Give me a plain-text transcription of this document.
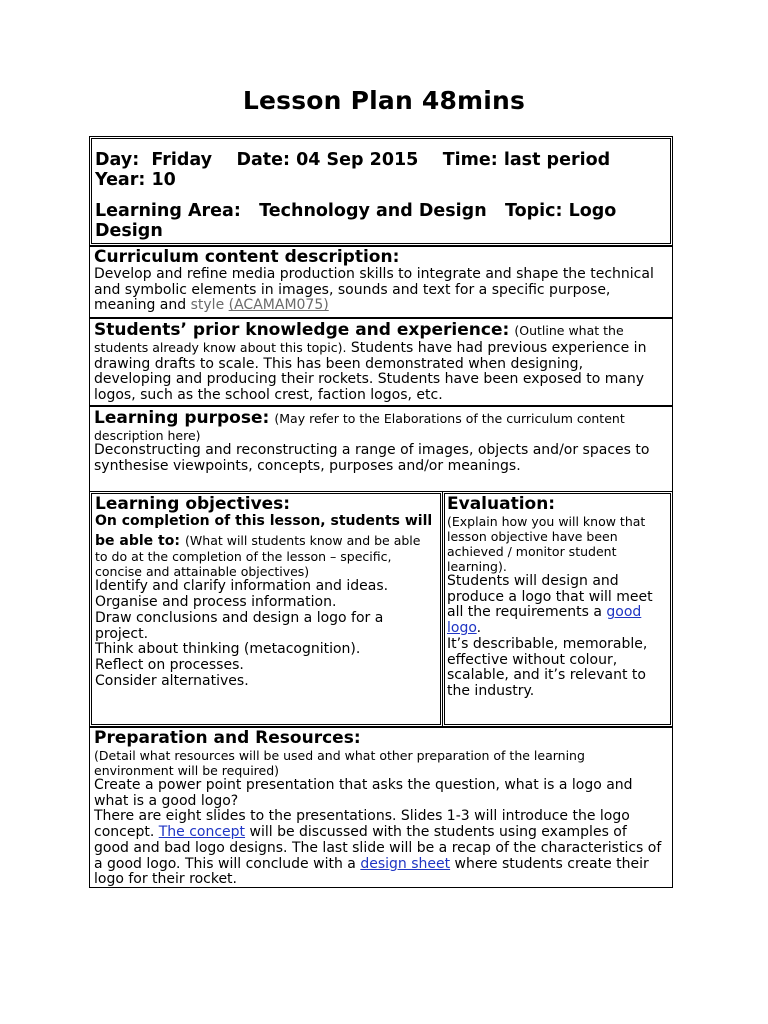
Lesson Plan 48mins
Day: Friday Date: 04 Sep 2015 Time: last period
Year: 10
Learning Area: Technology and Design Topic: Logo
Design
Curriculum content description:
Develop and refine media production skills to integrate and shape the technical
and symbolic elements in images, sounds and text for a specific purpose,
meaning and style (ACAMAM075)
Students’ prior knowledge and experience: (Outline what the
students already know about this topic). Students have had previous experience in
drawing drafts to scale. This has been demonstrated when designing,
developing and producing their rockets. Students have been exposed to many
logos, such as the school crest, faction logos, etc.
Learning purpose: (May refer to the Elaborations of the curriculum content
description here)
Deconstructing and reconstructing a range of images, objects and/or spaces to
synthesise viewpoints, concepts, purposes and/or meanings.
Learning objectives:
On completion of this lesson, students will
be able to: (What will students know and be able
to do at the completion of the lesson – specific,
concise and attainable objectives)
Identify and clarify information and ideas.
Organise and process information.
Draw conclusions and design a logo for a
project.
Think about thinking (metacognition).
Reflect on processes.
Consider alternatives.
Evaluation:
(Explain how you will know that
lesson objective have been
achieved / monitor student
learning).
Students will design and
produce a logo that will meet
all the requirements a good
logo.
It’s describable, memorable,
effective without colour,
scalable, and it’s relevant to
the industry.
Preparation and Resources:
(Detail what resources will be used and what other preparation of the learning
environment will be required)
Create a power point presentation that asks the question, what is a logo and
what is a good logo?
There are eight slides to the presentations. Slides 1-3 will introduce the logo
concept. The concept will be discussed with the students using examples of
good and bad logo designs. The last slide will be a recap of the characteristics of
a good logo. This will conclude with a design sheet where students create their
logo for their rocket.
